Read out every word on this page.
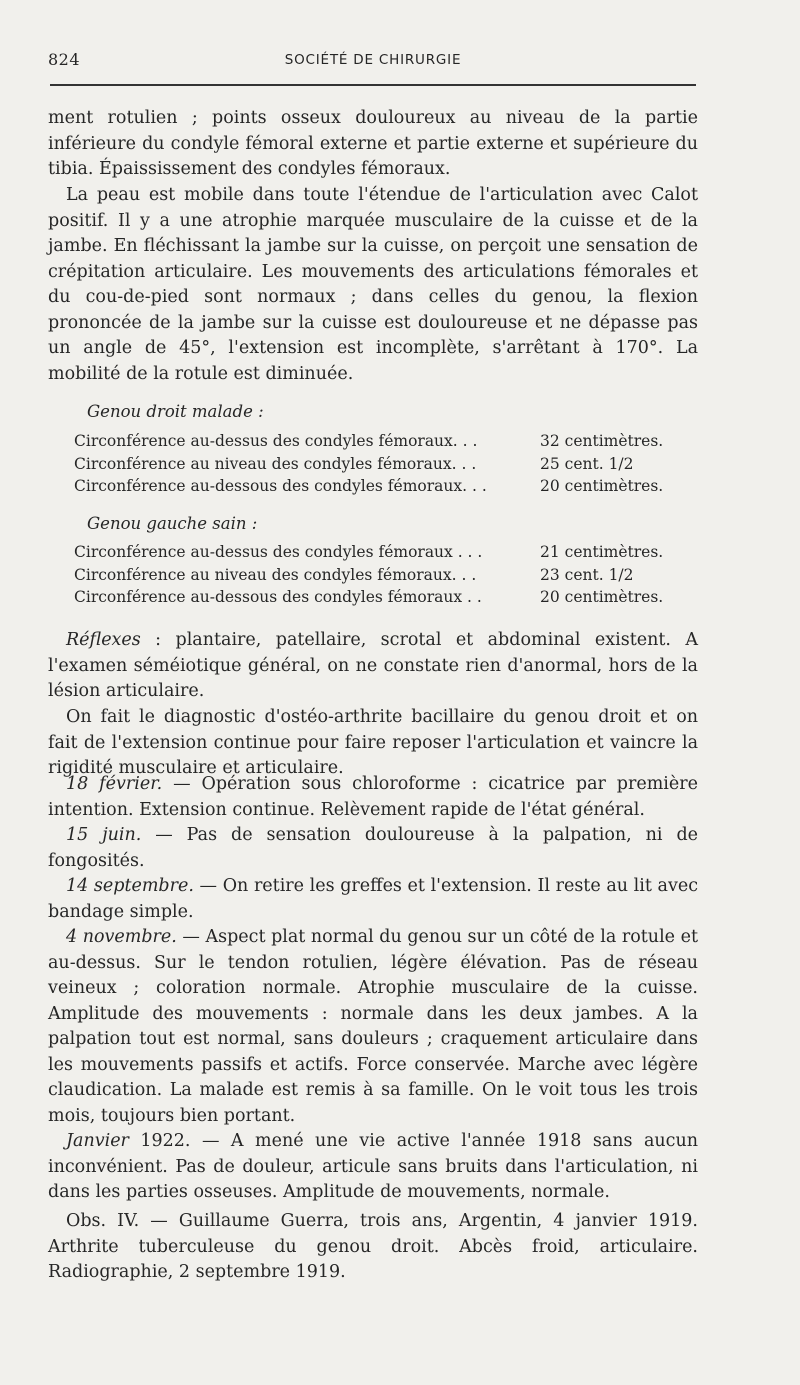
824	SOCIÉTÉ DE CHIRURGIE

ment rotulien ; points osseux douloureux au niveau de la partie inférieure du condyle fémoral externe et partie externe et supérieure du tibia. Épaississement des condyles fémoraux.

La peau est mobile dans toute l'étendue de l'articulation avec Calot positif. Il y a une atrophie marquée musculaire de la cuisse et de la jambe. En fléchissant la jambe sur la cuisse, on perçoit une sensation de crépitation articulaire. Les mouvements des articulations fémorales et du cou-de-pied sont normaux ; dans celles du genou, la flexion prononcée de la jambe sur la cuisse est douloureuse et ne dépasse pas un angle de 45°, l'extension est incomplète, s'arrêtant à 170°. La mobilité de la rotule est diminuée.

Genou droit malade :

Circonférence au-dessus des condyles fémoraux. . .	32 centimètres.
Circonférence au niveau des condyles fémoraux. . .	25 cent. 1/2
Circonférence au-dessous des condyles fémoraux. . .	20 centimètres.

Genou gauche sain :

Circonférence au-dessus des condyles fémoraux . . .	21 centimètres.
Circonférence au niveau des condyles fémoraux. . .	23 cent. 1/2
Circonférence au-dessous des condyles fémoraux . .	20 centimètres.

Réflexes : plantaire, patellaire, scrotal et abdominal existent. A l'examen séméiotique général, on ne constate rien d'anormal, hors de la lésion articulaire.

On fait le diagnostic d'ostéo-arthrite bacillaire du genou droit et on fait de l'extension continue pour faire reposer l'articulation et vaincre la rigidité musculaire et articulaire.

18 février. — Opération sous chloroforme : cicatrice par première intention. Extension continue. Relèvement rapide de l'état général.
15 juin. — Pas de sensation douloureuse à la palpation, ni de fongosités.
14 septembre. — On retire les greffes et l'extension. Il reste au lit avec bandage simple.
4 novembre. — Aspect plat normal du genou sur un côté de la rotule et au-dessus. Sur le tendon rotulien, légère élévation. Pas de réseau veineux ; coloration normale. Atrophie musculaire de la cuisse. Amplitude des mouvements : normale dans les deux jambes. A la palpation tout est normal, sans douleurs ; craquement articulaire dans les mouvements passifs et actifs. Force conservée. Marche avec légère claudication. La malade est remis à sa famille. On le voit tous les trois mois, toujours bien portant.
Janvier 1922. — A mené une vie active l'année 1918 sans aucun inconvénient. Pas de douleur, articule sans bruits dans l'articulation, ni dans les parties osseuses. Amplitude de mouvements, normale.

Obs. IV. — Guillaume Guerra, trois ans, Argentin, 4 janvier 1919. Arthrite tuberculeuse du genou droit. Abcès froid, articulaire. Radiographie, 2 septembre 1919.
